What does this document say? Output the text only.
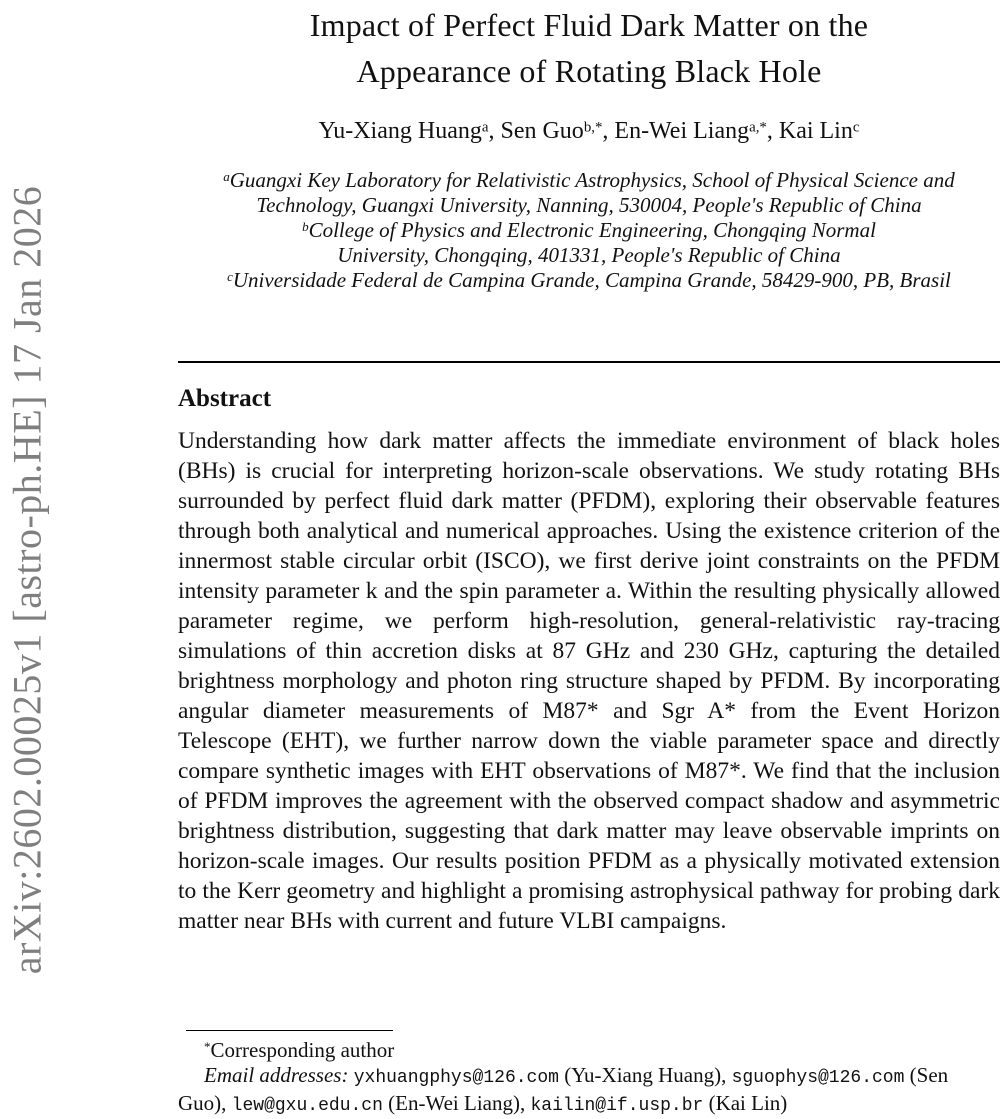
arXiv:2602.00025v1 [astro-ph.HE] 17 Jan 2026
Impact of Perfect Fluid Dark Matter on the
Appearance of Rotating Black Hole
Yu-Xiang Huang$^a$, Sen Guo$^{b,*}$, En-Wei Liang$^{a,*}$, Kai Lin$^c$
$^a$Guangxi Key Laboratory for Relativistic Astrophysics, School of Physical Science and Technology, Guangxi University, Nanning, 530004, People's Republic of China
$^b$College of Physics and Electronic Engineering, Chongqing Normal University, Chongqing, 401331, People's Republic of China
$^c$Universidade Federal de Campina Grande, Campina Grande, 58429-900, PB, Brasil
Abstract

Understanding how dark matter affects the immediate environment of black holes (BHs) is crucial for interpreting horizon-scale observations. We study rotating BHs surrounded by perfect fluid dark matter (PFDM), exploring their observable features through both analytical and numerical approaches. Using the existence criterion of the innermost stable circular orbit (ISCO), we first derive joint constraints on the PFDM intensity parameter k and the spin parameter a. Within the resulting physically allowed parameter regime, we perform high-resolution, general-relativistic ray-tracing simulations of thin accretion disks at 87 GHz and 230 GHz, capturing the detailed brightness morphology and photon ring structure shaped by PFDM. By incorporating angular diameter measurements of M87* and Sgr A* from the Event Horizon Telescope (EHT), we further narrow down the viable parameter space and directly compare synthetic images with EHT observations of M87*. We find that the inclusion of PFDM improves the agreement with the observed compact shadow and asymmetric brightness distribution, suggesting that dark matter may leave observable imprints on horizon-scale images. Our results position PFDM as a physically motivated extension to the Kerr geometry and highlight a promising astrophysical pathway for probing dark matter near BHs with current and future VLBI campaigns.

*Corresponding author

Email addresses: yxhuangphys@126.com (Yu-Xiang Huang), sguophys@126.com (Sen Guo), lew@gxu.edu.cn (En-Wei Liang), kailin@if.usp.br (Kai Lin)
